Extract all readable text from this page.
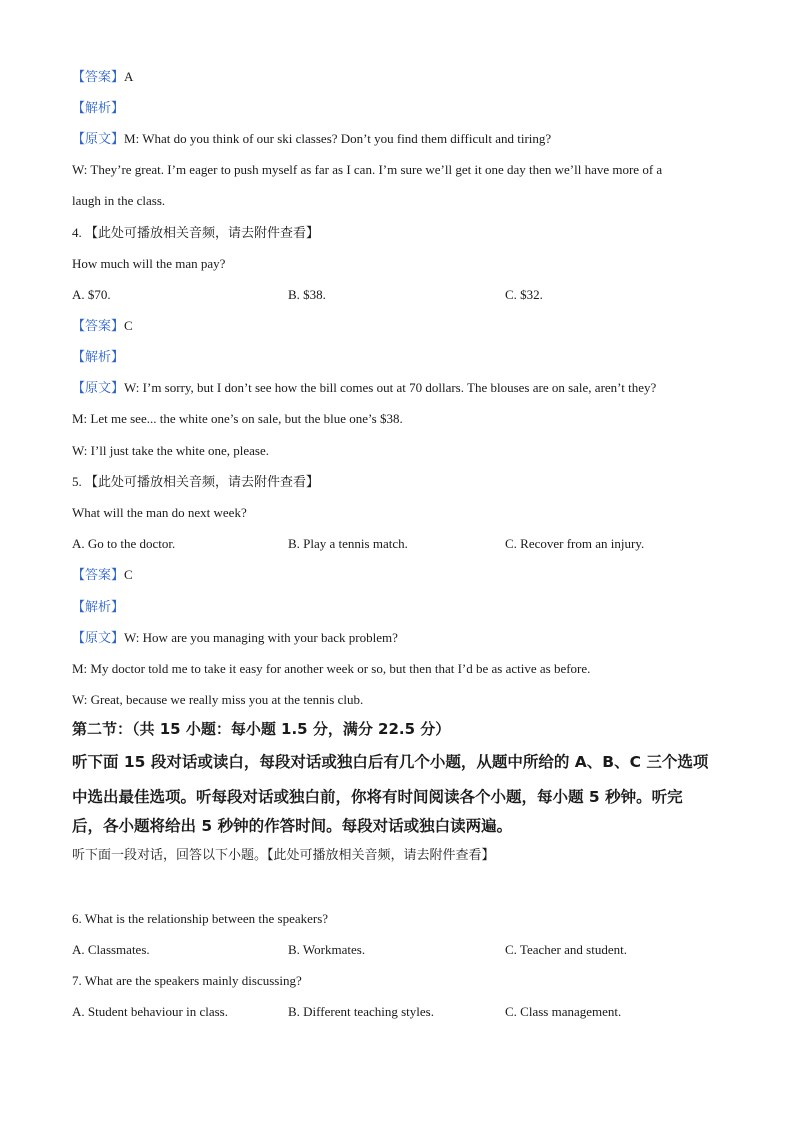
【答案】A
【解析】
【原文】M: What do you think of our ski classes? Don’t you find them difficult and tiring?
W: They’re great. I’m eager to push myself as far as I can. I’m sure we’ll get it one day then we’ll have more of a
laugh in the class.
4. 【此处可播放相关音频，请去附件查看】
How much will the man pay?
A. $70.	B. $38.	C. $32.
【答案】C
【解析】
【原文】W: I’m sorry, but I don’t see how the bill comes out at 70 dollars. The blouses are on sale, aren’t they?
M: Let me see... the white one’s on sale, but the blue one’s $38.
W: I’ll just take the white one, please.
5. 【此处可播放相关音频，请去附件查看】
What will the man do next week?
A. Go to the doctor.	B. Play a tennis match.	C. Recover from an injury.
【答案】C
【解析】
【原文】W: How are you managing with your back problem?
M: My doctor told me to take it easy for another week or so, but then that I’d be as active as before.
W: Great, because we really miss you at the tennis club.
第二节：（共 15 小题：每小题 1.5 分，满分 22.5 分）
听下面 15 段对话或读白，每段对话或独白后有几个小题，从题中所给的 A、B、C 三个选项
中选出最佳选项。听每段对话或独白前，你将有时间阅读各个小题，每小题 5 秒钟。听完
后，各小题将给出 5 秒钟的作答时间。每段对话或独白读两遍。
听下面一段对话，回答以下小题。【此处可播放相关音频，请去附件查看】
6. What is the relationship between the speakers?
A. Classmates.	B. Workmates.	C. Teacher and student.
7. What are the speakers mainly discussing?
A. Student behaviour in class.	B. Different teaching styles.	C. Class management.
